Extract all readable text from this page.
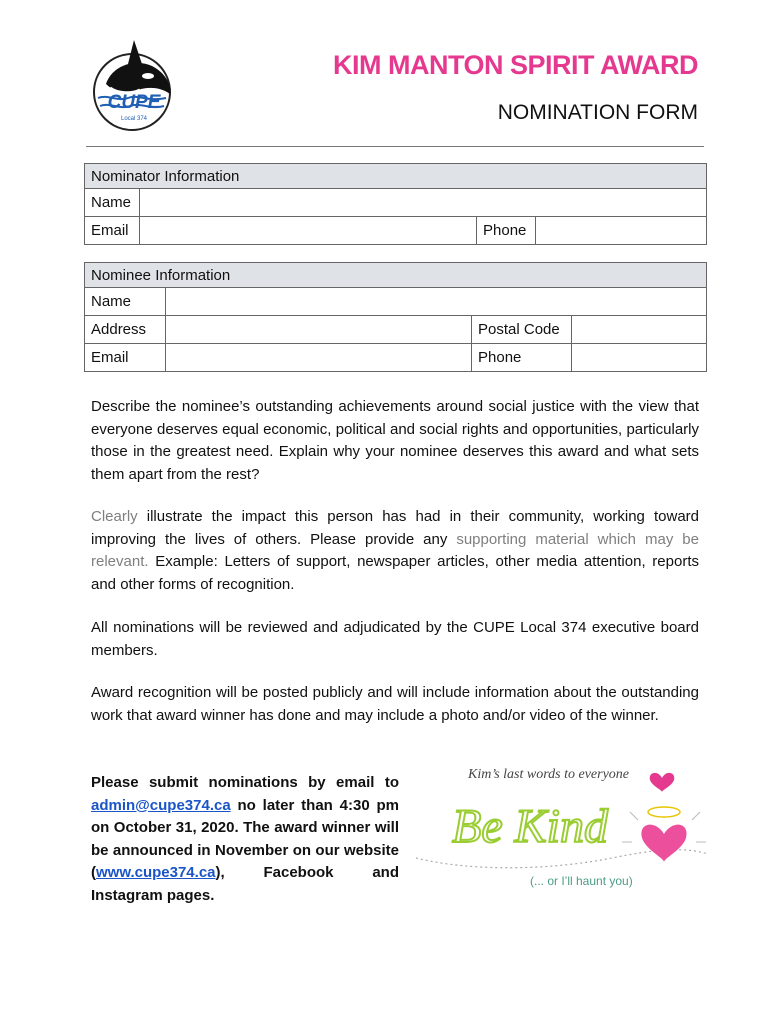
CUPE
Local 374
KIM MANTON SPIRIT AWARD
NOMINATION FORM
Nominator Information			
Name			
Email		Phone	
Nominee Information			
Name			
Address		Postal Code	
Email		Phone	

Describe the nominee’s outstanding achievements around social justice with the view that everyone deserves equal economic, political and social rights and opportunities, particularly those in the greatest need. Explain why your nominee deserves this award and what sets them apart from the rest?

Clearly illustrate the impact this person has had in their community, working toward improving the lives of others. Please provide any supporting material which may be relevant. Example: Letters of support, newspaper articles, other media attention, reports and other forms of recognition.

All nominations will be reviewed and adjudicated by the CUPE Local 374 executive board members.

Award recognition will be posted publicly and will include information about the outstanding work that award winner has done and may include a photo and/or video of the winner.

Please submit nominations by email to admin@cupe374.ca no later than 4:30 pm on October 31, 2020. The award winner will be announced in November on our website (www.cupe374.ca), Facebook and Instagram pages.

Be Kind
Kim’s last words to everyone
(... or I’ll haunt you)
